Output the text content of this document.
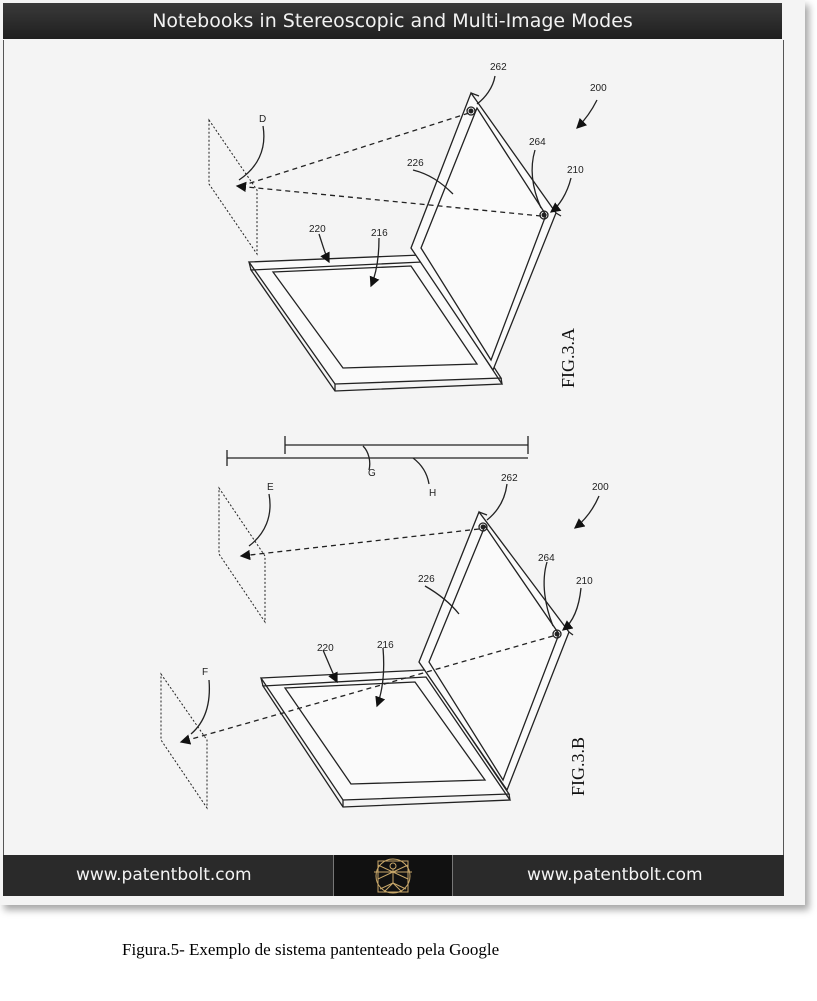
Notebooks in Stereoscopic and Multi-Image Modes
D
200
262
264
210
226
220	216
FIG.3.A
G
H
E
F
200
262
264
210
226
220	216
FIG.3.B
www.patentbolt.com	www.patentbolt.com
Figura.5- Exemplo de sistema pantenteado pela Google
